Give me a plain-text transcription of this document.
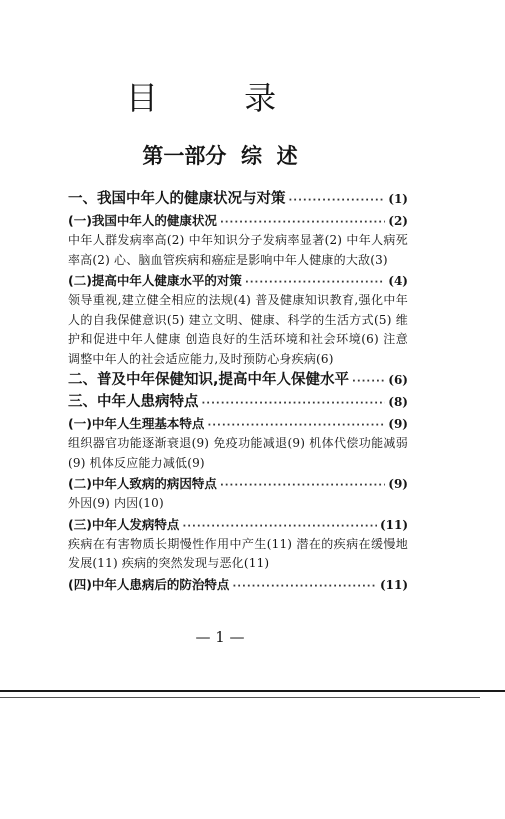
目 录
第一部分  综  述
一、我国中年人的健康状况与对策 ·····	(1)
(一)我国中年人的健康状况 ·····	(2)
中年人群发病率高(2) 中年知识分子发病率显著(2) 中年人病死率高(2) 心、脑血管疾病和癌症是影响中年人健康的大敌(3)
(二)提高中年人健康水平的对策 ·····	(4)
领导重视,建立健全相应的法规(4) 普及健康知识教育,强化中年人的自我保健意识(5) 建立文明、健康、科学的生活方式(5) 维护和促进中年人健康 创造良好的生活环境和社会环境(6) 注意调整中年人的社会适应能力,及时预防心身疾病(6)
二、普及中年保健知识,提高中年人保健水平 ·····	(6)
三、中年人患病特点 ·····	(8)
(一)中年人生理基本特点 ·····	(9)
组织器官功能逐渐衰退(9) 免疫功能减退(9) 机体代偿功能减弱(9) 机体反应能力减低(9)
(二)中年人致病的病因特点 ·····	(9)
外因(9) 内因(10)
(三)中年人发病特点 ·····	(11)
疾病在有害物质长期慢性作用中产生(11) 潜在的疾病在缓慢地发展(11) 疾病的突然发现与恶化(11)
(四)中年人患病后的防治特点 ·····	(11)
— 1 —
